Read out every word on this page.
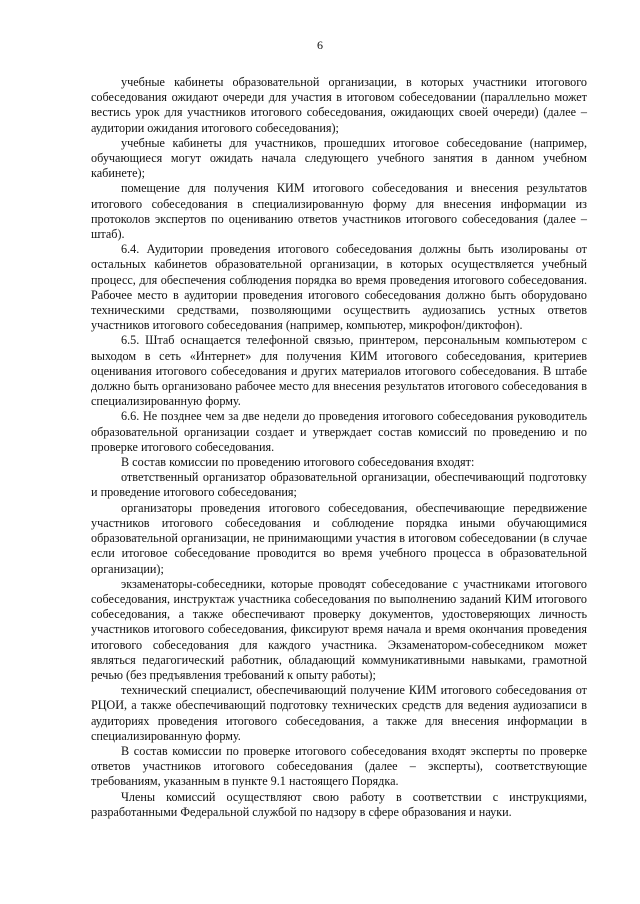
6

учебные кабинеты образовательной организации, в которых участники итогового собеседования ожидают очереди для участия в итоговом собеседовании (параллельно может вестись урок для участников итогового собеседования, ожидающих своей очереди) (далее – аудитории ожидания итогового собеседования);

учебные кабинеты для участников, прошедших итоговое собеседование (например, обучающиеся могут ожидать начала следующего учебного занятия в данном учебном кабинете);

помещение для получения КИМ итогового собеседования и внесения результатов итогового собеседования в специализированную форму для внесения информации из протоколов экспертов по оцениванию ответов участников итогового собеседования (далее – штаб).

6.4. Аудитории проведения итогового собеседования должны быть изолированы от остальных кабинетов образовательной организации, в которых осуществляется учебный процесс, для обеспечения соблюдения порядка во время проведения итогового собеседования. Рабочее место в аудитории проведения итогового собеседования должно быть оборудовано техническими средствами, позволяющими осуществить аудиозапись устных ответов участников итогового собеседования (например, компьютер, микрофон/диктофон).

6.5. Штаб оснащается телефонной связью, принтером, персональным компьютером с выходом в сеть «Интернет» для получения КИМ итогового собеседования, критериев оценивания итогового собеседования и других материалов итогового собеседования. В штабе должно быть организовано рабочее место для внесения результатов итогового собеседования в специализированную форму.

6.6. Не позднее чем за две недели до проведения итогового собеседования руководитель образовательной организации создает и утверждает состав комиссий по проведению и по проверке итогового собеседования.

В состав комиссии по проведению итогового собеседования входят:

ответственный организатор образовательной организации, обеспечивающий подготовку и проведение итогового собеседования;

организаторы проведения итогового собеседования, обеспечивающие передвижение участников итогового собеседования и соблюдение порядка иными обучающимися образовательной организации, не принимающими участия в итоговом собеседовании (в случае если итоговое собеседование проводится во время учебного процесса в образовательной организации);

экзаменаторы-собеседники, которые проводят собеседование с участниками итогового собеседования, инструктаж участника собеседования по выполнению заданий КИМ итогового собеседования, а также обеспечивают проверку документов, удостоверяющих личность участников итогового собеседования, фиксируют время начала и время окончания проведения итогового собеседования для каждого участника. Экзаменатором-собеседником может являться педагогический работник, обладающий коммуникативными навыками, грамотной речью (без предъявления требований к опыту работы);

технический специалист, обеспечивающий получение КИМ итогового собеседования от РЦОИ, а также обеспечивающий подготовку технических средств для ведения аудиозаписи в аудиториях проведения итогового собеседования, а также для внесения информации в специализированную форму.

В состав комиссии по проверке итогового собеседования входят эксперты по проверке ответов участников итогового собеседования (далее – эксперты), соответствующие требованиям, указанным в пункте 9.1 настоящего Порядка.

Члены комиссий осуществляют свою работу в соответствии с инструкциями, разработанными Федеральной службой по надзору в сфере образования и науки.
